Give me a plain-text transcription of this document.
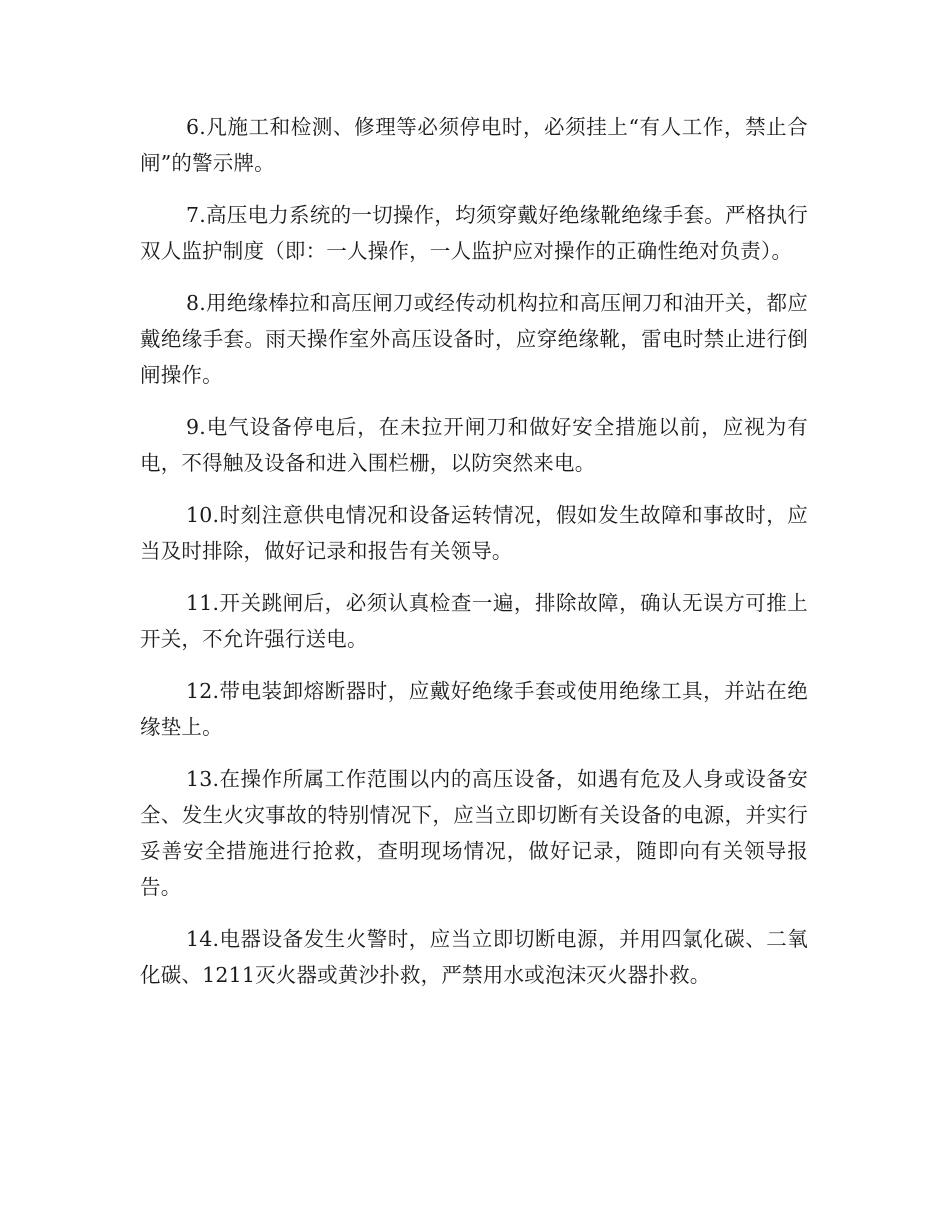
6.凡施工和检测、修理等必须停电时，必须挂上“有人工作，禁止合闸”的警示牌。

7.高压电力系统的一切操作，均须穿戴好绝缘靴绝缘手套。严格执行双人监护制度（即：一人操作，一人监护应对操作的正确性绝对负责）。

8.用绝缘棒拉和高压闸刀或经传动机构拉和高压闸刀和油开关，都应戴绝缘手套。雨天操作室外高压设备时，应穿绝缘靴，雷电时禁止进行倒闸操作。

9.电气设备停电后，在未拉开闸刀和做好安全措施以前，应视为有电，不得触及设备和进入围栏栅，以防突然来电。

10.时刻注意供电情况和设备运转情况，假如发生故障和事故时，应当及时排除，做好记录和报告有关领导。

11.开关跳闸后，必须认真检查一遍，排除故障，确认无误方可推上开关，不允许强行送电。

12.带电装卸熔断器时，应戴好绝缘手套或使用绝缘工具，并站在绝缘垫上。

13.在操作所属工作范围以内的高压设备，如遇有危及人身或设备安全、发生火灾事故的特别情况下，应当立即切断有关设备的电源，并实行妥善安全措施进行抢救，查明现场情况，做好记录，随即向有关领导报告。

14.电器设备发生火警时，应当立即切断电源，并用四氯化碳、二氧化碳、1211灭火器或黄沙扑救，严禁用水或泡沫灭火器扑救。
